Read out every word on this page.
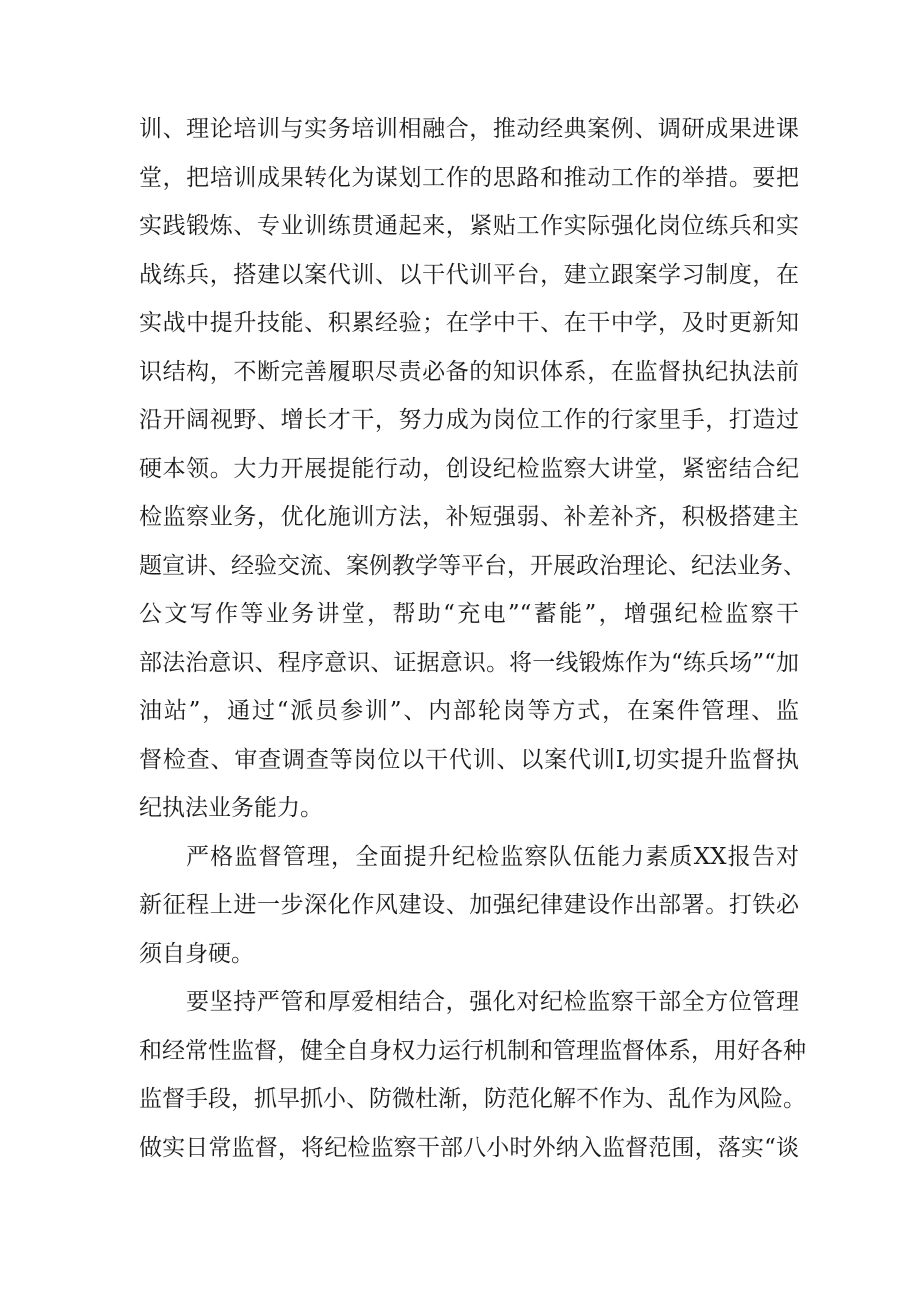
训、理论培训与实务培训相融合，推动经典案例、调研成果进课
堂，把培训成果转化为谋划工作的思路和推动工作的举措。要把
实践锻炼、专业训练贯通起来，紧贴工作实际强化岗位练兵和实
战练兵，搭建以案代训、以干代训平台，建立跟案学习制度，在
实战中提升技能、积累经验；在学中干、在干中学，及时更新知
识结构，不断完善履职尽责必备的知识体系，在监督执纪执法前
沿开阔视野、增长才干，努力成为岗位工作的行家里手，打造过
硬本领。大力开展提能行动，创设纪检监察大讲堂，紧密结合纪
检监察业务，优化施训方法，补短强弱、补差补齐，积极搭建主
题宣讲、经验交流、案例教学等平台，开展政治理论、纪法业务、
公文写作等业务讲堂，帮助“充电”“蓄能”，增强纪检监察干
部法治意识、程序意识、证据意识。将一线锻炼作为“练兵场”“加
油站”，通过“派员参训”、内部轮岗等方式，在案件管理、监
督检查、审查调查等岗位以干代训、以案代训I,切实提升监督执
纪执法业务能力。
严格监督管理，全面提升纪检监察队伍能力素质XX报告对
新征程上进一步深化作风建设、加强纪律建设作出部署。打铁必
须自身硬。
要坚持严管和厚爱相结合，强化对纪检监察干部全方位管理
和经常性监督，健全自身权力运行机制和管理监督体系，用好各种
监督手段，抓早抓小、防微杜渐，防范化解不作为、乱作为风险。
做实日常监督，将纪检监察干部八小时外纳入监督范围，落实“谈
